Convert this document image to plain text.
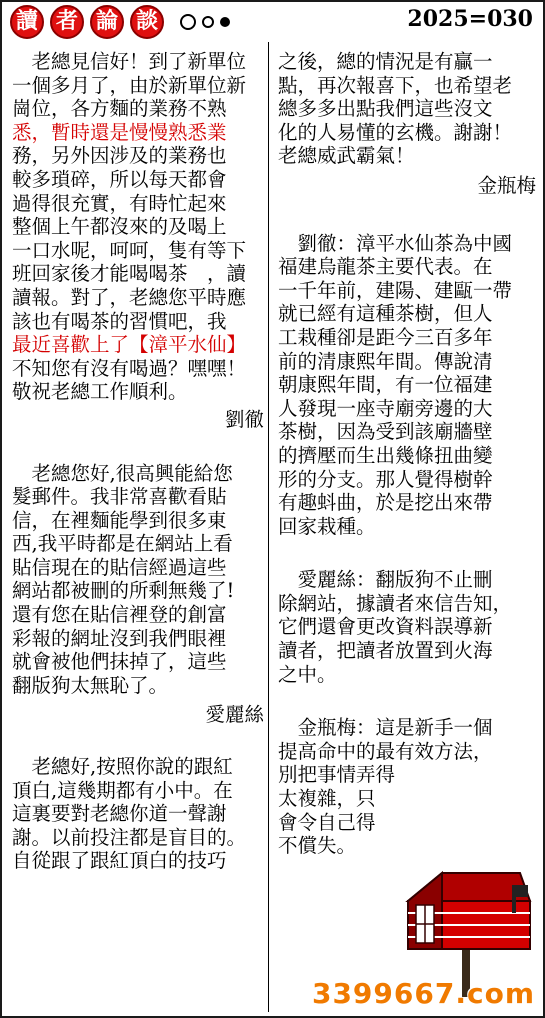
讀 者 論 談	2025=030
　老總見信好！到了新單位
一個多月了，由於新單位新
崗位，各方麵的業務不熟
悉，暫時還是慢慢熟悉業
務，另外因涉及的業務也
較多瑣碎，所以每天都會
過得很充實，有時忙起來
整個上午都沒來的及喝上
一口水呢，呵呵，隻有等下
班回家後才能喝喝茶　，讀
讀報。對了，老總您平時應
該也有喝茶的習慣吧，我
最近喜歡上了【漳平水仙】
不知您有沒有喝過？嘿嘿！
敬祝老總工作順利。
劉徹
　老總您好,很高興能給您
髮郵件。我非常喜歡看貼
信，在裡麵能學到很多東
西,我平時都是在網站上看
貼信現在的貼信經過這些
網站都被刪的所剩無幾了!
還有您在貼信裡登的創富
彩報的網址沒到我們眼裡
就會被他們抹掉了，這些
翻版狗太無恥了。
愛麗絲
　老總好,按照你說的跟紅
頂白,這幾期都有小中。在
這裏要對老總你道一聲謝
謝。以前投注都是盲目的。
自從跟了跟紅頂白的技巧
之後，總的情況是有贏一
點，再次報喜下，也希望老
總多多出點我們這些沒文
化的人易懂的玄機。謝謝！
老總威武霸氣！
金瓶梅
　劉徹：漳平水仙茶為中國
福建烏龍茶主要代表。在
一千年前，建陽、建甌一帶
就已經有這種茶樹，但人
工栽種卻是距今三百多年
前的清康熙年間。傳說清
朝康熙年間，有一位福建
人發現一座寺廟旁邊的大
茶樹，因為受到該廟牆壁
的擠壓而生出幾條扭曲變
形的分支。那人覺得樹幹
有趣蚪曲，於是挖出來帶
回家栽種。
　愛麗絲：翻版狗不止刪
除網站，據讀者來信告知，
它們還會更改資料誤導新
讀者，把讀者放置到火海
之中。
　金瓶梅：這是新手一個
提高命中的最有效方法，
別把事情弄得
太複雜，只
會令自己得
不償失。
3399667.com
